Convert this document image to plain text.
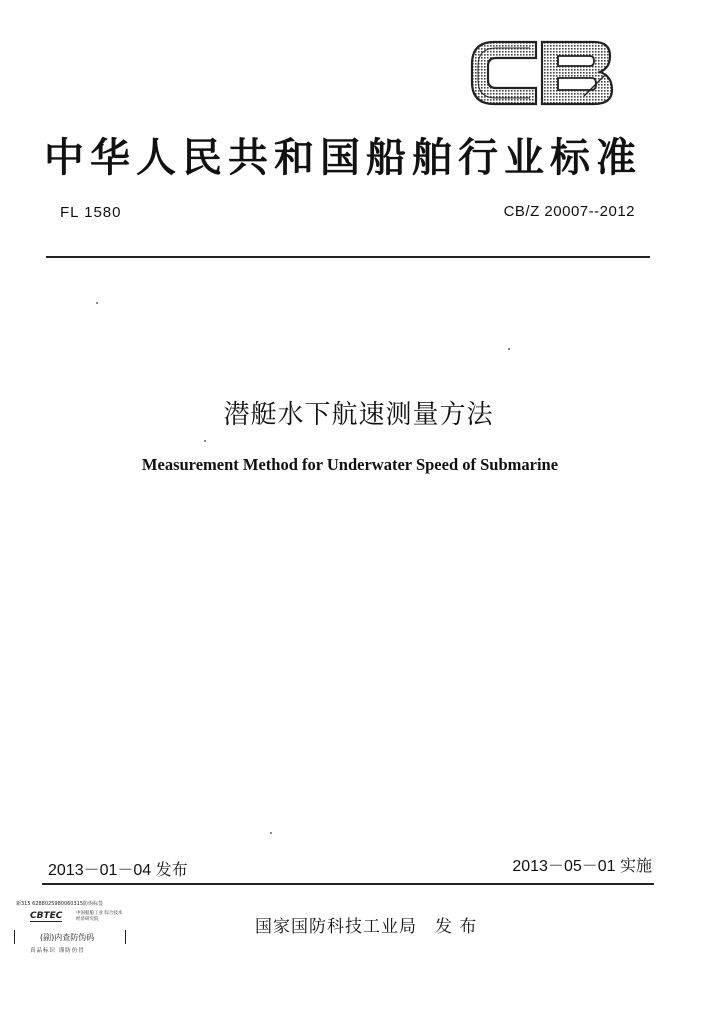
中华人民共和国船舶行业标准
FL 1580	CB/Z 20007--2012
潜艇水下航速测量方法
Measurement Method for Underwater Speed of Submarine
2013－01－04 发布	2013－05－01 实施
国家国防科技工业局 发 布
新315 6288025980060315防伪标签
CBTEC	中国船舶工业 综合技术经济研究院
(副)内查防伪码
真品标识 谨防仿冒
